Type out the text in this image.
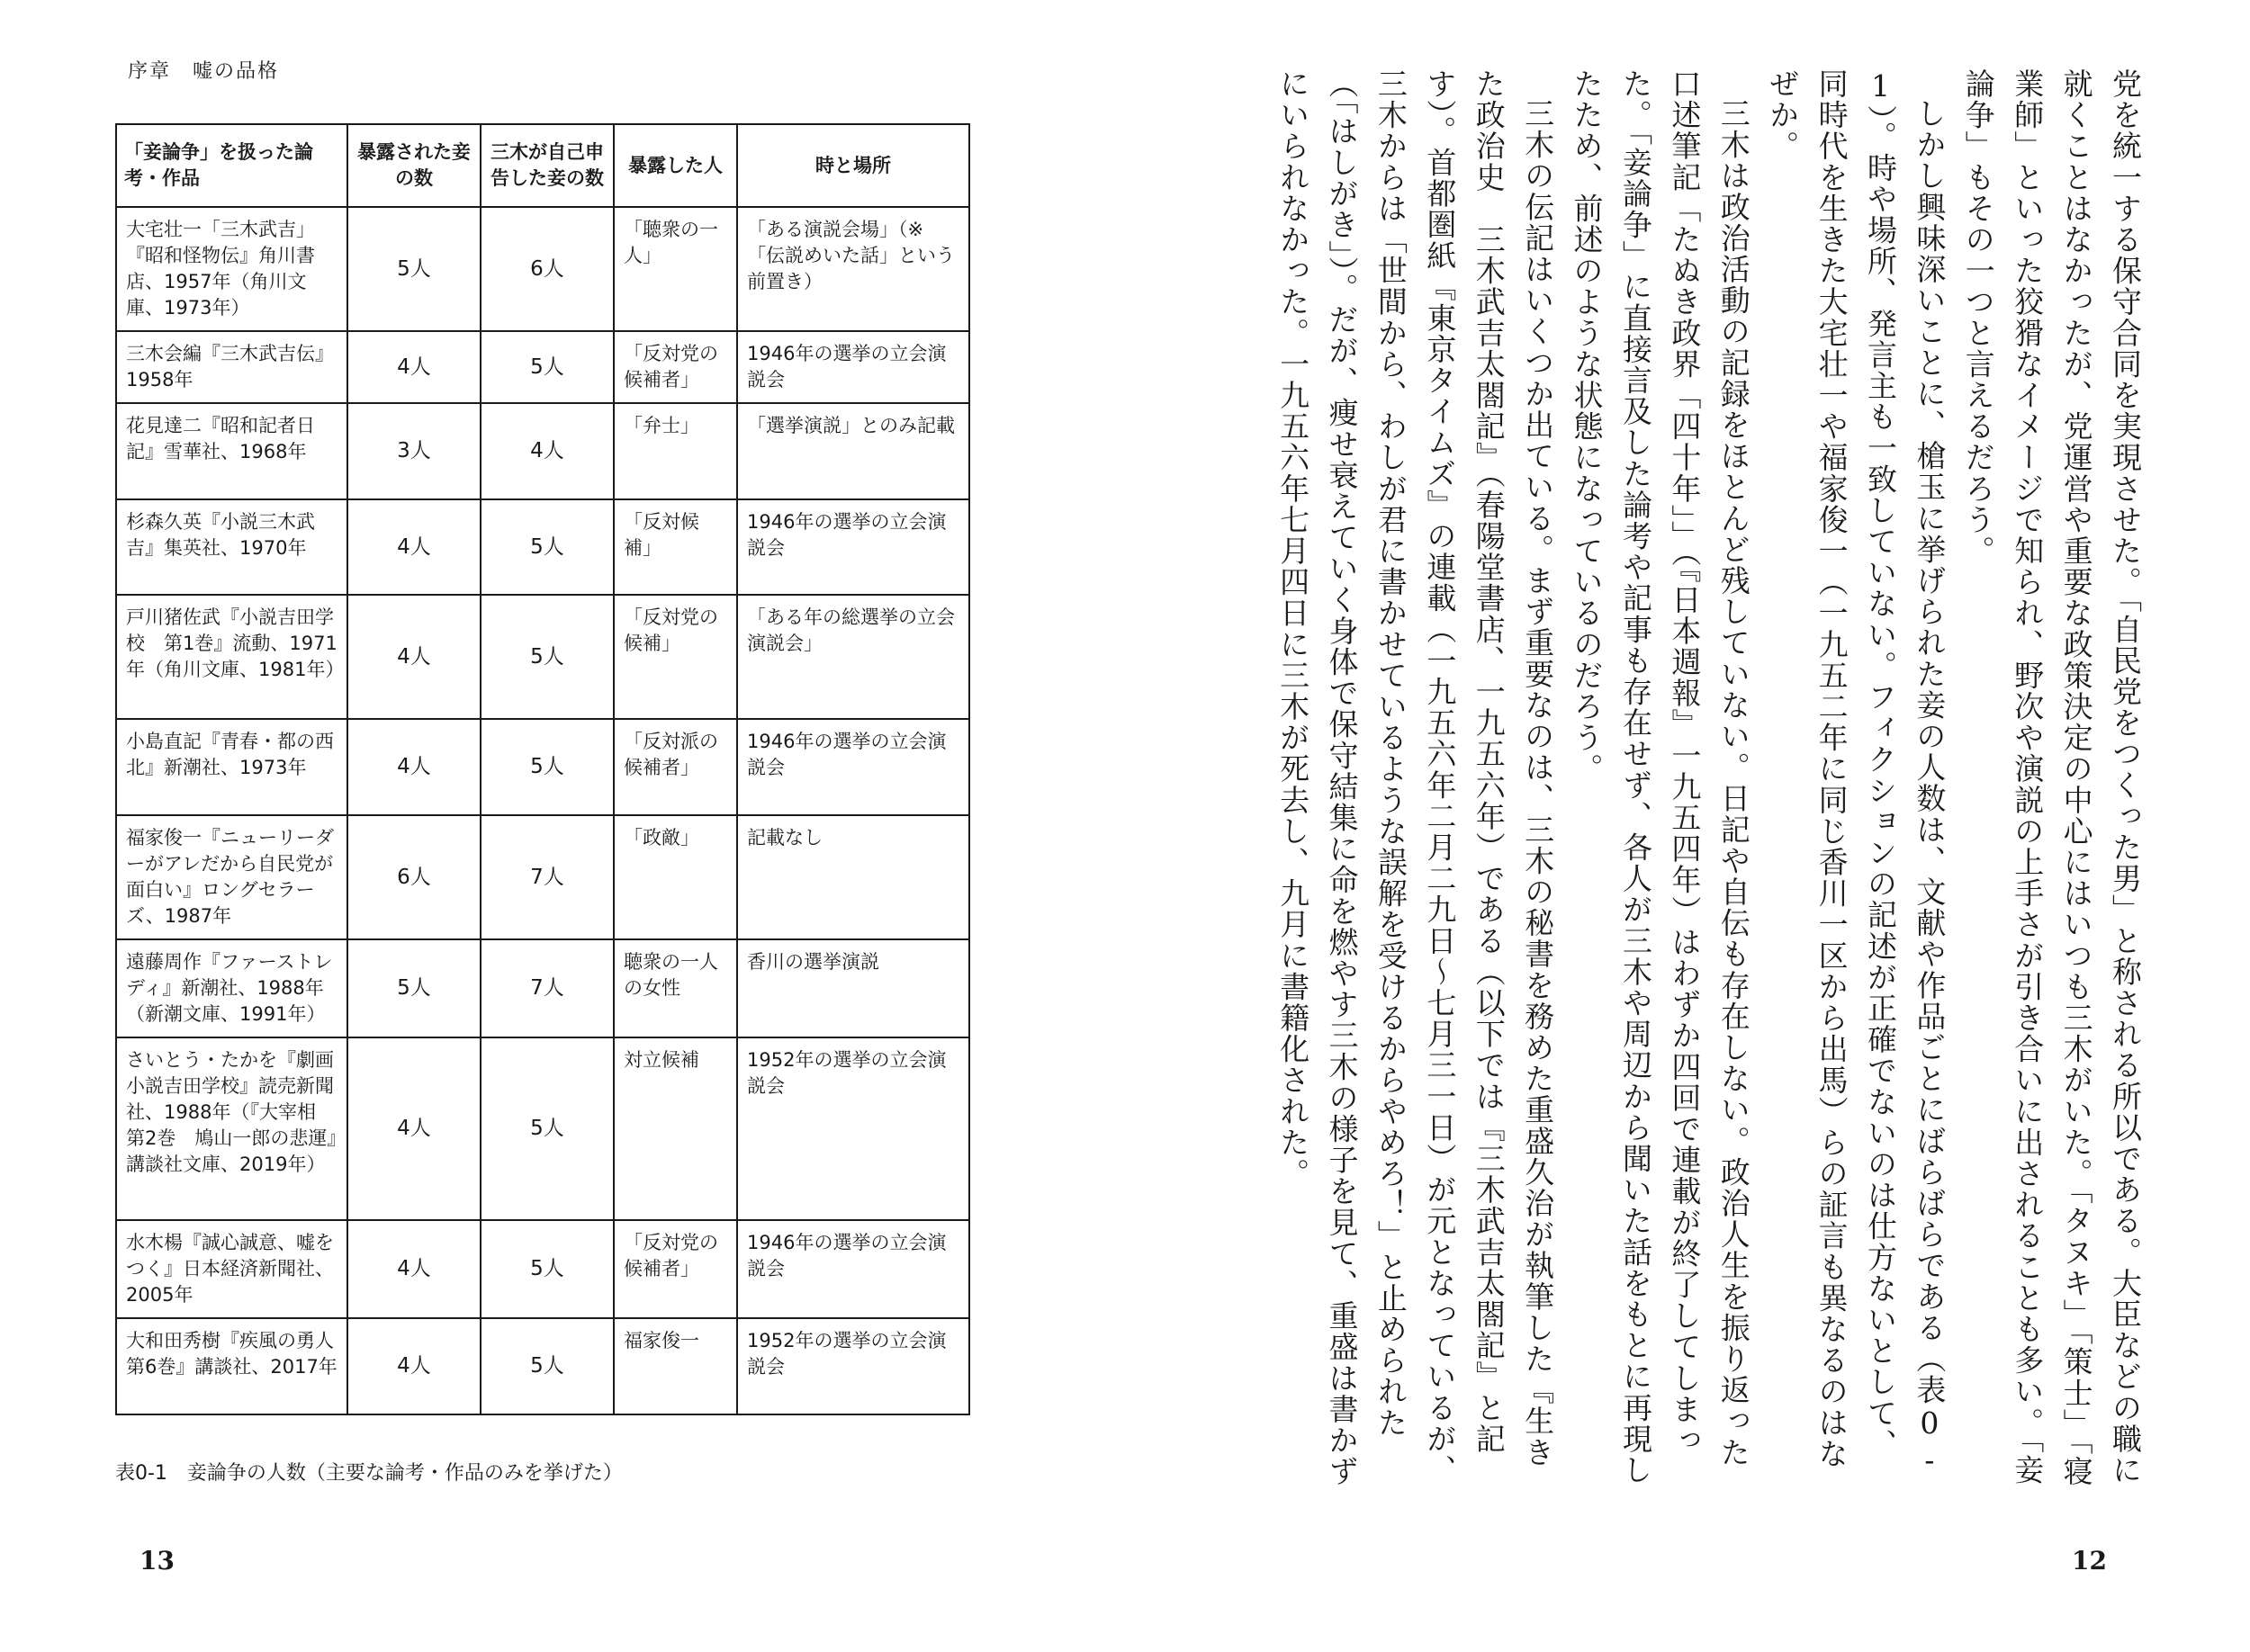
序章　嘘の品格
「妾論争」を扱った論考・作品	暴露された妾の数	三木が自己申告した妾の数	暴露した人	時と場所
大宅壮一「三木武吉」『昭和怪物伝』角川書店、1957年（角川文庫、1973年）	5人	6人	「聴衆の一人」	「ある演説会場」（※「伝説めいた話」という前置き）
三木会編『三木武吉伝』1958年	4人	5人	「反対党の候補者」	1946年の選挙の立会演説会
花見達二『昭和記者日記』雪華社、1968年	3人	4人	「弁士」	「選挙演説」とのみ記載
杉森久英『小説三木武吉』集英社、1970年	4人	5人	「反対候補」	1946年の選挙の立会演説会
戸川猪佐武『小説吉田学校　第1巻』流動、1971年（角川文庫、1981年）	4人	5人	「反対党の候補」	「ある年の総選挙の立会演説会」
小島直記『青春・都の西北』新潮社、1973年	4人	5人	「反対派の候補者」	1946年の選挙の立会演説会
福家俊一『ニューリーダーがアレだから自民党が面白い』ロングセラーズ、1987年	6人	7人	「政敵」	記載なし
遠藤周作『ファーストレディ』新潮社、1988年（新潮文庫、1991年）	5人	7人	聴衆の一人の女性	香川の選挙演説
さいとう・たかを『劇画　小説吉田学校』読売新聞社、1988年（『大宰相　第2巻　鳩山一郎の悲運』講談社文庫、2019年）	4人	5人	対立候補	1952年の選挙の立会演説会
水木楊『誠心誠意、嘘をつく』日本経済新聞社、2005年	4人	5人	「反対党の候補者」	1946年の選挙の立会演説会
大和田秀樹『疾風の勇人　第6巻』講談社、2017年	4人	5人	福家俊一	1952年の選挙の立会演説会
表0-1　妾論争の人数（主要な論考・作品のみを挙げた）
13

党を統一する保守合同を実現させた。「自民党をつくった男」と称される所以である。大臣などの職に就くことはなかったが、党運営や重要な政策決定の中心にはいつも三木がいた。「タヌキ」「策士」「寝業師」といった狡猾なイメージで知られ、野次や演説の上手さが引き合いに出されることも多い。「妾論争」もその一つと言えるだろう。

しかし興味深いことに、槍玉に挙げられた妾の人数は、文献や作品ごとにばらばらである（表0-1）。時や場所、発言主も一致していない。フィクションの記述が正確でないのは仕方ないとして、同時代を生きた大宅壮一や福家俊一（一九五二年に同じ香川一区から出馬）らの証言も異なるのはなぜか。

三木は政治活動の記録をほとんど残していない。日記や自伝も存在しない。政治人生を振り返った口述筆記「たぬき政界「四十年」」（『日本週報』一九五四年）はわずか四回で連載が終了してしまった。「妾論争」に直接言及した論考や記事も存在せず、各人が三木や周辺から聞いた話をもとに再現したため、前述のような状態になっているのだろう。

三木の伝記はいくつか出ている。まず重要なのは、三木の秘書を務めた重盛久治が執筆した『生きた政治史　三木武吉太閤記』（春陽堂書店、一九五六年）である（以下では『三木武吉太閤記』と記す）。首都圏紙『東京タイムズ』の連載（一九五六年二月二九日～七月三一日）が元となっているが、三木からは「世間から、わしが君に書かせているような誤解を受けるからやめろ！」と止められた（「はしがき」）。だが、痩せ衰えていく身体で保守結集に命を燃やす三木の様子を見て、重盛は書かずにいられなかった。一九五六年七月四日に三木が死去し、九月に書籍化された。

12
